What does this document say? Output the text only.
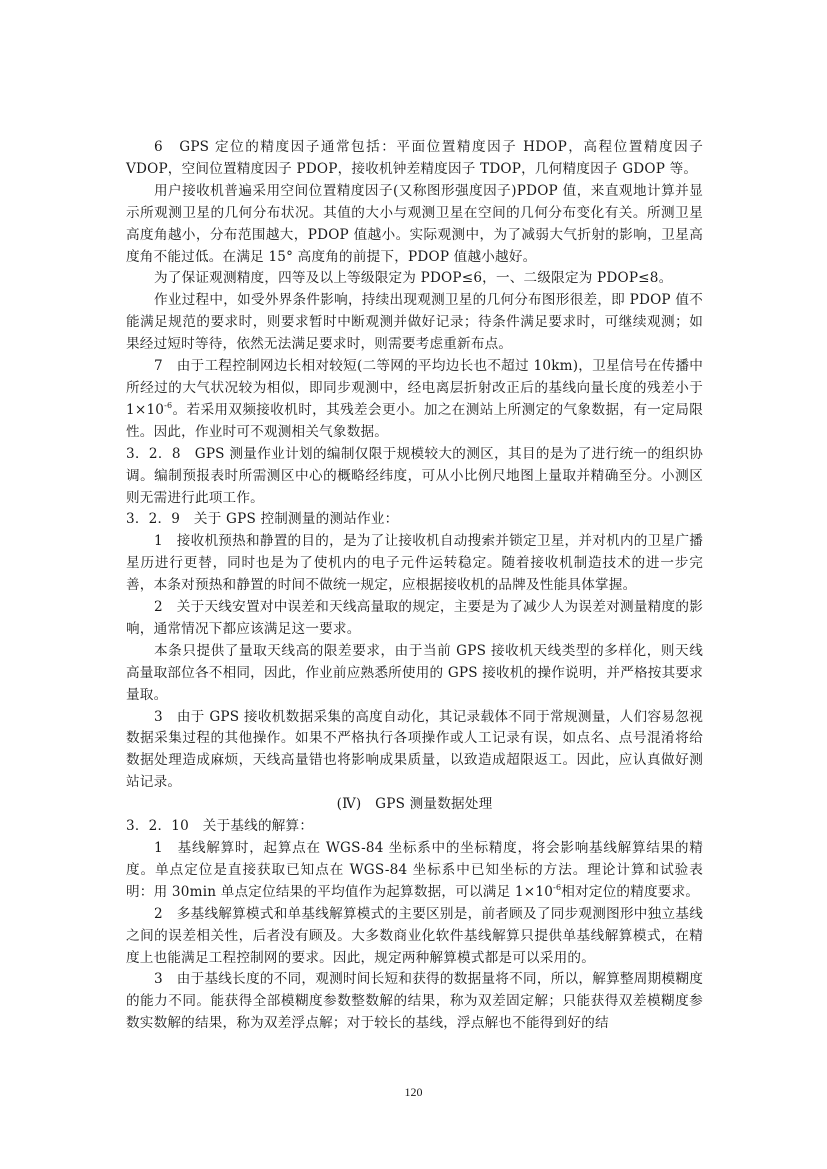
6　GPS 定位的精度因子通常包括：平面位置精度因子 HDOP，高程位置精度因子 VDOP，空间位置精度因子 PDOP，接收机钟差精度因子 TDOP，几何精度因子 GDOP 等。

用户接收机普遍采用空间位置精度因子(又称图形强度因子)PDOP 值，来直观地计算并显示所观测卫星的几何分布状况。其值的大小与观测卫星在空间的几何分布变化有关。所测卫星高度角越小，分布范围越大，PDOP 值越小。实际观测中，为了减弱大气折射的影响，卫星高度角不能过低。在满足 15° 高度角的前提下，PDOP 值越小越好。

为了保证观测精度，四等及以上等级限定为 PDOP≤6，一、二级限定为 PDOP≤8。

作业过程中，如受外界条件影响，持续出现观测卫星的几何分布图形很差，即 PDOP 值不能满足规范的要求时，则要求暂时中断观测并做好记录；待条件满足要求时，可继续观测；如果经过短时等待，依然无法满足要求时，则需要考虑重新布点。

7　由于工程控制网边长相对较短(二等网的平均边长也不超过 10km)，卫星信号在传播中所经过的大气状况较为相似，即同步观测中，经电离层折射改正后的基线向量长度的残差小于 $1\times 10^{-6}$。若采用双频接收机时，其残差会更小。加之在测站上所测定的气象数据，有一定局限性。因此，作业时可不观测相关气象数据。

3．2．8　GPS 测量作业计划的编制仅限于规模较大的测区，其目的是为了进行统一的组织协调。编制预报表时所需测区中心的概略经纬度，可从小比例尺地图上量取并精确至分。小测区则无需进行此项工作。

3．2．9　关于 GPS 控制测量的测站作业：

1　接收机预热和静置的目的，是为了让接收机自动搜索并锁定卫星，并对机内的卫星广播星历进行更替，同时也是为了使机内的电子元件运转稳定。随着接收机制造技术的进一步完善，本条对预热和静置的时间不做统一规定，应根据接收机的品牌及性能具体掌握。

2　关于天线安置对中误差和天线高量取的规定，主要是为了减少人为误差对测量精度的影响，通常情况下都应该满足这一要求。

本条只提供了量取天线高的限差要求，由于当前 GPS 接收机天线类型的多样化，则天线高量取部位各不相同，因此，作业前应熟悉所使用的 GPS 接收机的操作说明，并严格按其要求量取。

3　由于 GPS 接收机数据采集的高度自动化，其记录载体不同于常规测量，人们容易忽视数据采集过程的其他操作。如果不严格执行各项操作或人工记录有误，如点名、点号混淆将给数据处理造成麻烦，天线高量错也将影响成果质量，以致造成超限返工。因此，应认真做好测站记录。

(Ⅳ)　GPS 测量数据处理

3．2．10　关于基线的解算：

1　基线解算时，起算点在 WGS-84 坐标系中的坐标精度，将会影响基线解算结果的精度。单点定位是直接获取已知点在 WGS-84 坐标系中已知坐标的方法。理论计算和试验表明：用 30min 单点定位结果的平均值作为起算数据，可以满足 $1\times 10^{-6}$相对定位的精度要求。

2　多基线解算模式和单基线解算模式的主要区别是，前者顾及了同步观测图形中独立基线之间的误差相关性，后者没有顾及。大多数商业化软件基线解算只提供单基线解算模式，在精度上也能满足工程控制网的要求。因此，规定两种解算模式都是可以采用的。

3　由于基线长度的不同，观测时间长短和获得的数据量将不同，所以，解算整周期模糊度的能力不同。能获得全部模糊度参数整数解的结果，称为双差固定解；只能获得双差模糊度参数实数解的结果，称为双差浮点解；对于较长的基线，浮点解也不能得到好的结

120
